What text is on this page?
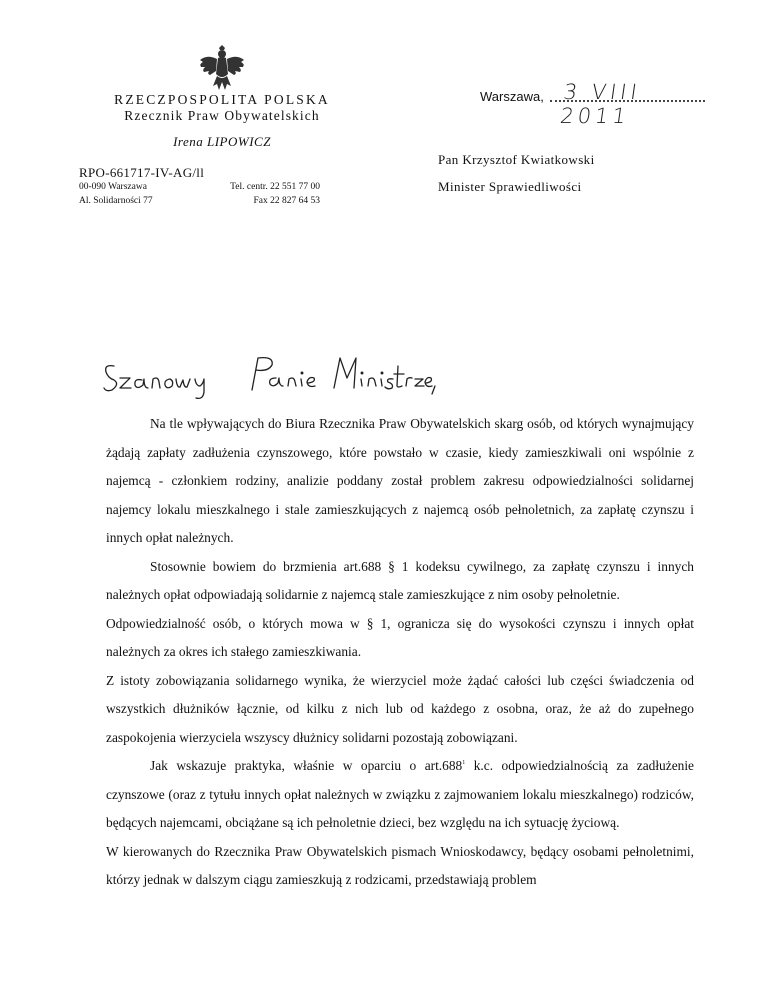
RZECZPOSPOLITA POLSKA
Rzecznik Praw Obywatelskich
Irena LIPOWICZ
RPO-661717-IV-AG/ll
00-090 Warszawa
Al. Solidarności 77
Tel. centr. 22 551 77 00
Fax 22 827 64 53
Warszawa, 3 VIII 2011
Pan Krzysztof Kwiatkowski
Minister Sprawiedliwości

Na tle wpływających do Biura Rzecznika Praw Obywatelskich skarg osób, od których wynajmujący żądają zapłaty zadłużenia czynszowego, które powstało w czasie, kiedy zamieszkiwali oni wspólnie z najemcą - członkiem rodziny, analizie poddany został problem zakresu odpowiedzialności solidarnej najemcy lokalu mieszkalnego i stale zamieszkujących z najemcą osób pełnoletnich, za zapłatę czynszu i innych opłat należnych.

Stosownie bowiem do brzmienia art.688 § 1 kodeksu cywilnego, za zapłatę czynszu i innych należnych opłat odpowiadają solidarnie z najemcą stale zamieszkujące z nim osoby pełnoletnie.

Odpowiedzialność osób, o których mowa w § 1, ogranicza się do wysokości czynszu i innych opłat należnych za okres ich stałego zamieszkiwania.

Z istoty zobowiązania solidarnego wynika, że wierzyciel może żądać całości lub części świadczenia od wszystkich dłużników łącznie, od kilku z nich lub od każdego z osobna, oraz, że aż do zupełnego zaspokojenia wierzyciela wszyscy dłużnicy solidarni pozostają zobowiązani.

Jak wskazuje praktyka, właśnie w oparciu o art.688$^1$ k.c. odpowiedzialnością za zadłużenie czynszowe (oraz z tytułu innych opłat należnych w związku z zajmowaniem lokalu mieszkalnego) rodziców, będących najemcami, obciążane są ich pełnoletnie dzieci, bez względu na ich sytuację życiową.

W kierowanych do Rzecznika Praw Obywatelskich pismach Wnioskodawcy, będący osobami pełnoletnimi, którzy jednak w dalszym ciągu zamieszkują z rodzicami, przedstawiają problem
